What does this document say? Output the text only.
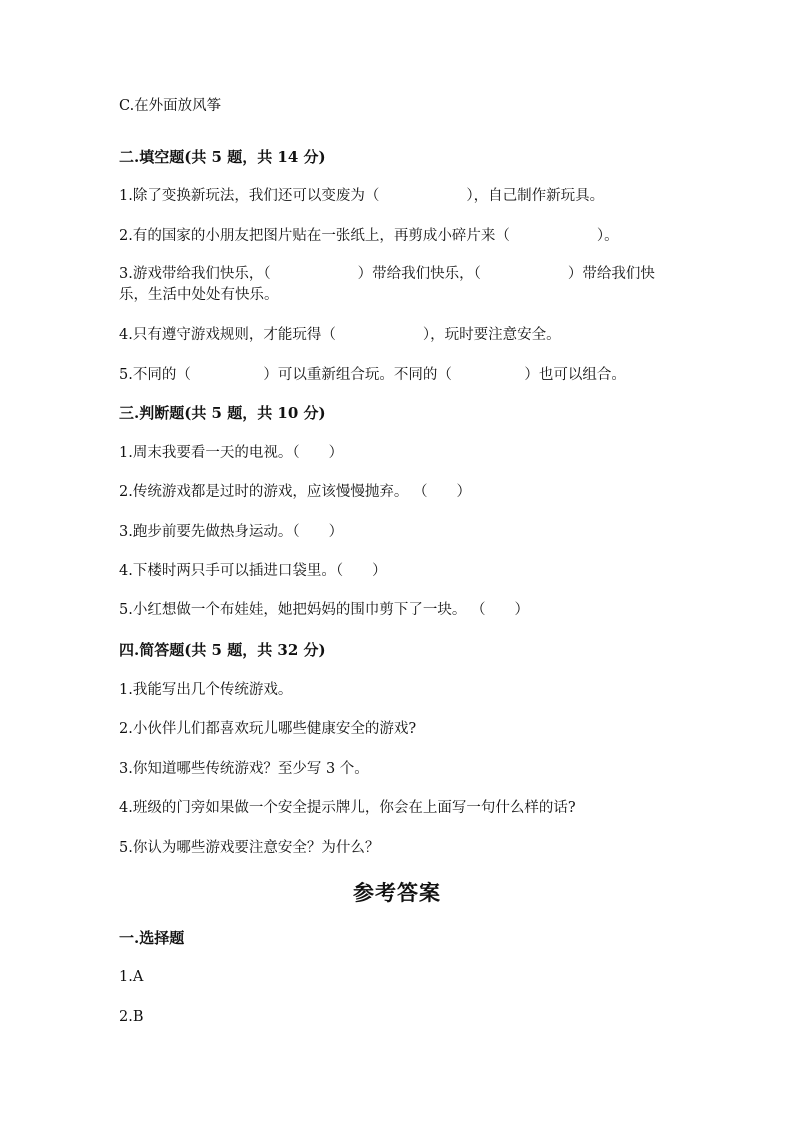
C.在外面放风筝
二.填空题(共 5 题，共 14 分)
1.除了变换新玩法，我们还可以变废为（　　　　　　），自己制作新玩具。
2.有的国家的小朋友把图片贴在一张纸上，再剪成小碎片来（　　　　　　）。
3.游戏带给我们快乐，（　　　　　　）带给我们快乐，（　　　　　　）带给我们快乐，生活中处处有快乐。
4.只有遵守游戏规则，才能玩得（　　　　　　），玩时要注意安全。
5.不同的（　　　　　）可以重新组合玩。不同的（　　　　　）也可以组合。
三.判断题(共 5 题，共 10 分)
1.周末我要看一天的电视。（　　）
2.传统游戏都是过时的游戏，应该慢慢抛弃。 （　　）
3.跑步前要先做热身运动。（　　）
4.下楼时两只手可以插进口袋里。（　　）
5.小红想做一个布娃娃，她把妈妈的围巾剪下了一块。 （　　）
四.简答题(共 5 题，共 32 分)
1.我能写出几个传统游戏。
2.小伙伴儿们都喜欢玩儿哪些健康安全的游戏?
3.你知道哪些传统游戏？至少写 3 个。
4.班级的门旁如果做一个安全提示牌儿，你会在上面写一句什么样的话?
5.你认为哪些游戏要注意安全？为什么？
参考答案
一.选择题
1.A
2.B
